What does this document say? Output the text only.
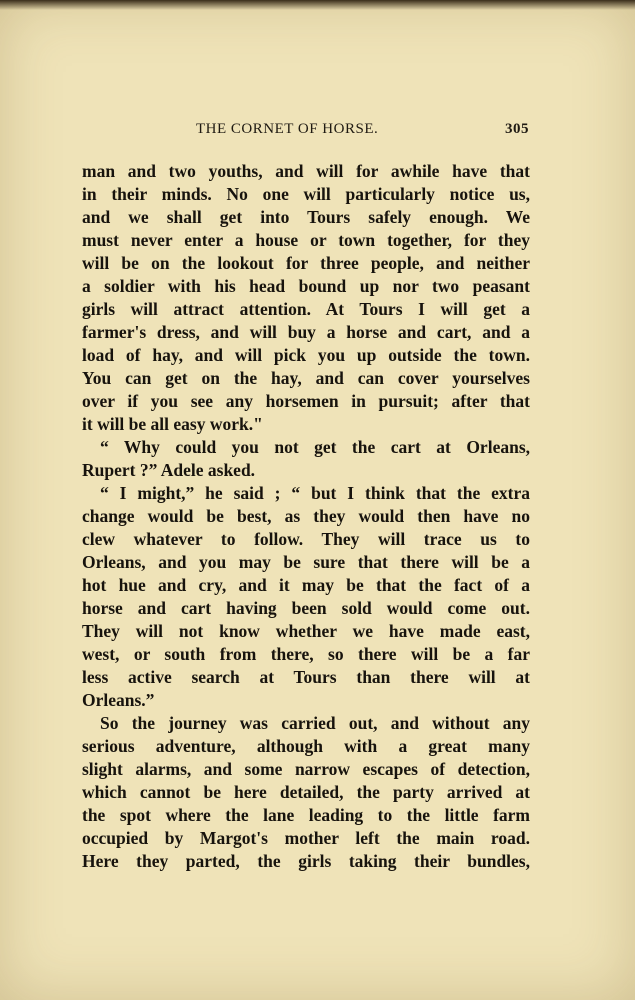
THE CORNET OF HORSE.	305
man and two youths, and will for awhile have that
in their minds. No one will particularly notice us,
and we shall get into Tours safely enough. We
must never enter a house or town together, for they
will be on the lookout for three people, and neither
a soldier with his head bound up nor two peasant
girls will attract attention. At Tours I will get a
farmer's dress, and will buy a horse and cart, and a
load of hay, and will pick you up outside the town.
You can get on the hay, and can cover yourselves
over if you see any horsemen in pursuit; after that
it will be all easy work."
“ Why could you not get the cart at Orleans,
Rupert ?” Adele asked.
“ I might,” he said ; “ but I think that the extra
change would be best, as they would then have no
clew whatever to follow. They will trace us to
Orleans, and you may be sure that there will be a
hot hue and cry, and it may be that the fact of a
horse and cart having been sold would come out.
They will not know whether we have made east,
west, or south from there, so there will be a far
less active search at Tours than there will at
Orleans.”
So the journey was carried out, and without any
serious adventure, although with a great many
slight alarms, and some narrow escapes of detection,
which cannot be here detailed, the party arrived at
the spot where the lane leading to the little farm
occupied by Margot's mother left the main road.
Here they parted, the girls taking their bundles,
